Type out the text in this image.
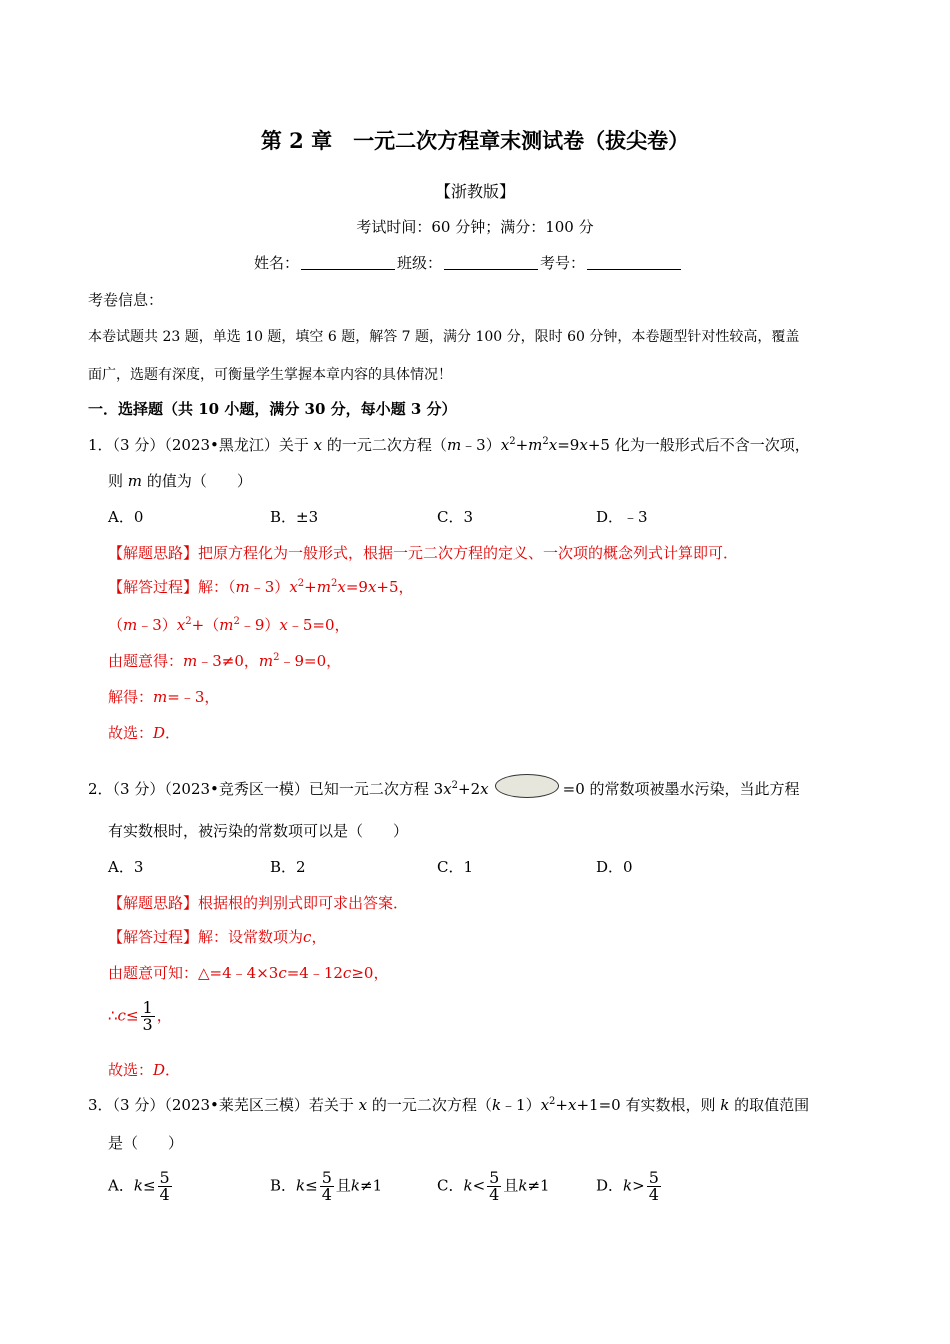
第 2 章　一元二次方程章末测试卷（拔尖卷）
【浙教版】
考试时间：60 分钟；满分：100 分
姓名：	班级：	考号：
考卷信息：
本卷试题共 23 题，单选 10 题，填空 6 题，解答 7 题，满分 100 分，限时 60 分钟，本卷题型针对性较高，覆盖
面广，选题有深度，可衡量学生掌握本章内容的具体情况！
一．选择题（共 10 小题，满分 30 分，每小题 3 分）
1．（3 分）（2023•黑龙江）关于 x 的一元二次方程$(m﹣3)x^2+m^2x=9x+5$ 化为一般形式后不含一次项，
则 m 的值为（　　）
A．0	B．±3	C．3	D．﹣3
【解题思路】把原方程化为一般形式，根据一元二次方程的定义、一次项的概念列式计算即可．
【解答过程】解：$(m﹣3)x^2+m^2x=9x+5$，
$(m﹣3)x^2+(m^2﹣9)x﹣5=0$，
由题意得：m﹣3≠0，$m^2﹣9=0$，
解得：m=﹣3，
故选：D．
2．（3 分）（2023•竞秀区一模）已知一元二次方程 $3x^2+2x$	=0 的常数项被墨水污染，当此方程
有实数根时，被污染的常数项可以是（　　）
A．3	B．2	C．1	D．0
【解题思路】根据根的判别式即可求出答案．
【解答过程】解：设常数项为c，
由题意可知：△=4﹣4×3c=4﹣12c≥0，
∴c≤ $\frac{1}{3}$ ，
故选：D．
3．（3 分）（2023•莱芜区三模）若关于 x 的一元二次方程$(k﹣1)x^2+x+1=0$ 有实数根，则 k 的取值范围
是（　　）
A．$k\le \frac{5}{4}$	B．$k\le \frac{5}{4}$ 且k≠1	C．$k< \frac{5}{4}$ 且k≠1	D．$k> \frac{5}{4}$
